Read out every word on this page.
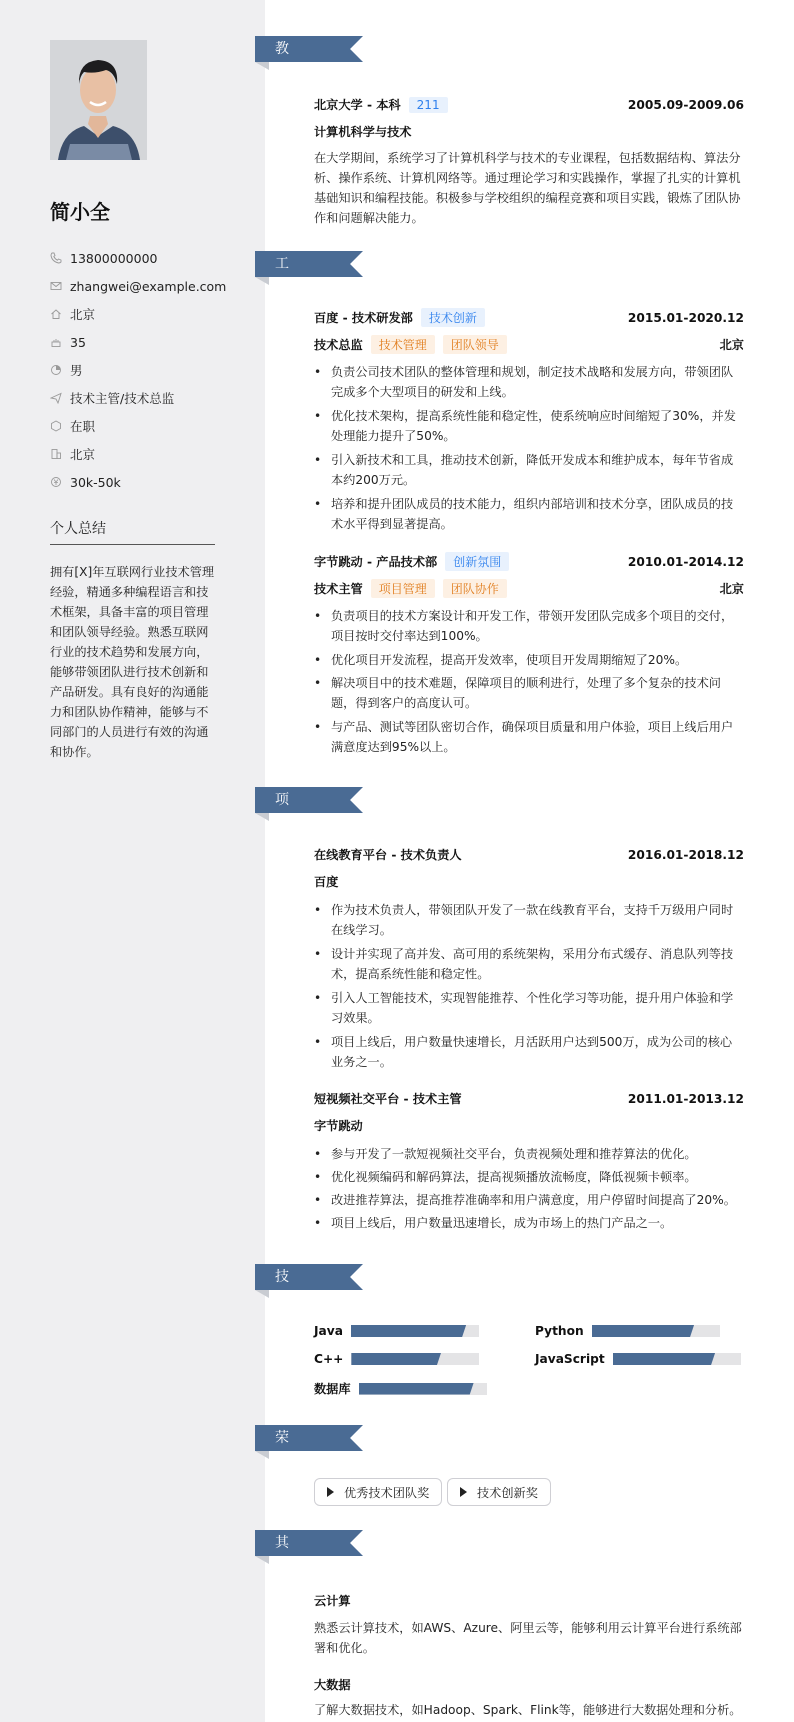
简小全
13800000000
zhangwei@example.com
北京
35
男
技术主管/技术总监
在职
北京
30k-50k
个人总结
拥有[X]年互联网行业技术管理经验，精通多种编程语言和技术框架，具备丰富的项目管理和团队领导经验。熟悉互联网行业的技术趋势和发展方向，能够带领团队进行技术创新和产品研发。具有良好的沟通能力和团队协作精神，能够与不同部门的人员进行有效的沟通和协作。
教育经历
北京大学 - 本科 211	2005.09-2009.06
计算机科学与技术
在大学期间，系统学习了计算机科学与技术的专业课程，包括数据结构、算法分析、操作系统、计算机网络等。通过理论学习和实践操作，掌握了扎实的计算机基础知识和编程技能。积极参与学校组织的编程竞赛和项目实践，锻炼了团队协作和问题解决能力。
工作经历
百度 - 技术研发部 技术创新	2015.01-2020.12
技术总监 技术管理 团队领导	北京
• 负责公司技术团队的整体管理和规划，制定技术战略和发展方向，带领团队完成多个大型项目的研发和上线。
• 优化技术架构，提高系统性能和稳定性，使系统响应时间缩短了30%，并发处理能力提升了50%。
• 引入新技术和工具，推动技术创新，降低开发成本和维护成本，每年节省成本约200万元。
• 培养和提升团队成员的技术能力，组织内部培训和技术分享，团队成员的技术水平得到显著提高。
字节跳动 - 产品技术部 创新氛围	2010.01-2014.12
技术主管 项目管理 团队协作	北京
• 负责项目的技术方案设计和开发工作，带领开发团队完成多个项目的交付，项目按时交付率达到100%。
• 优化项目开发流程，提高开发效率，使项目开发周期缩短了20%。
• 解决项目中的技术难题，保障项目的顺利进行，处理了多个复杂的技术问题，得到客户的高度认可。
• 与产品、测试等团队密切合作，确保项目质量和用户体验，项目上线后用户满意度达到95%以上。
项目经历
在线教育平台 - 技术负责人	2016.01-2018.12
百度
• 作为技术负责人，带领团队开发了一款在线教育平台，支持千万级用户同时在线学习。
• 设计并实现了高并发、高可用的系统架构，采用分布式缓存、消息队列等技术，提高系统性能和稳定性。
• 引入人工智能技术，实现智能推荐、个性化学习等功能，提升用户体验和学习效果。
• 项目上线后，用户数量快速增长，月活跃用户达到500万，成为公司的核心业务之一。
短视频社交平台 - 技术主管	2011.01-2013.12
字节跳动
• 参与开发了一款短视频社交平台，负责视频处理和推荐算法的优化。
• 优化视频编码和解码算法，提高视频播放流畅度，降低视频卡顿率。
• 改进推荐算法，提高推荐准确率和用户满意度，用户停留时间提高了20%。
• 项目上线后，用户数量迅速增长，成为市场上的热门产品之一。
技能专长
Java	Python
C++	JavaScript
数据库
荣誉奖项
优秀技术团队奖	技术创新奖
其他信息
云计算
熟悉云计算技术，如AWS、Azure、阿里云等，能够利用云计算平台进行系统部署和优化。
大数据
了解大数据技术，如Hadoop、Spark、Flink等，能够进行大数据处理和分析。
